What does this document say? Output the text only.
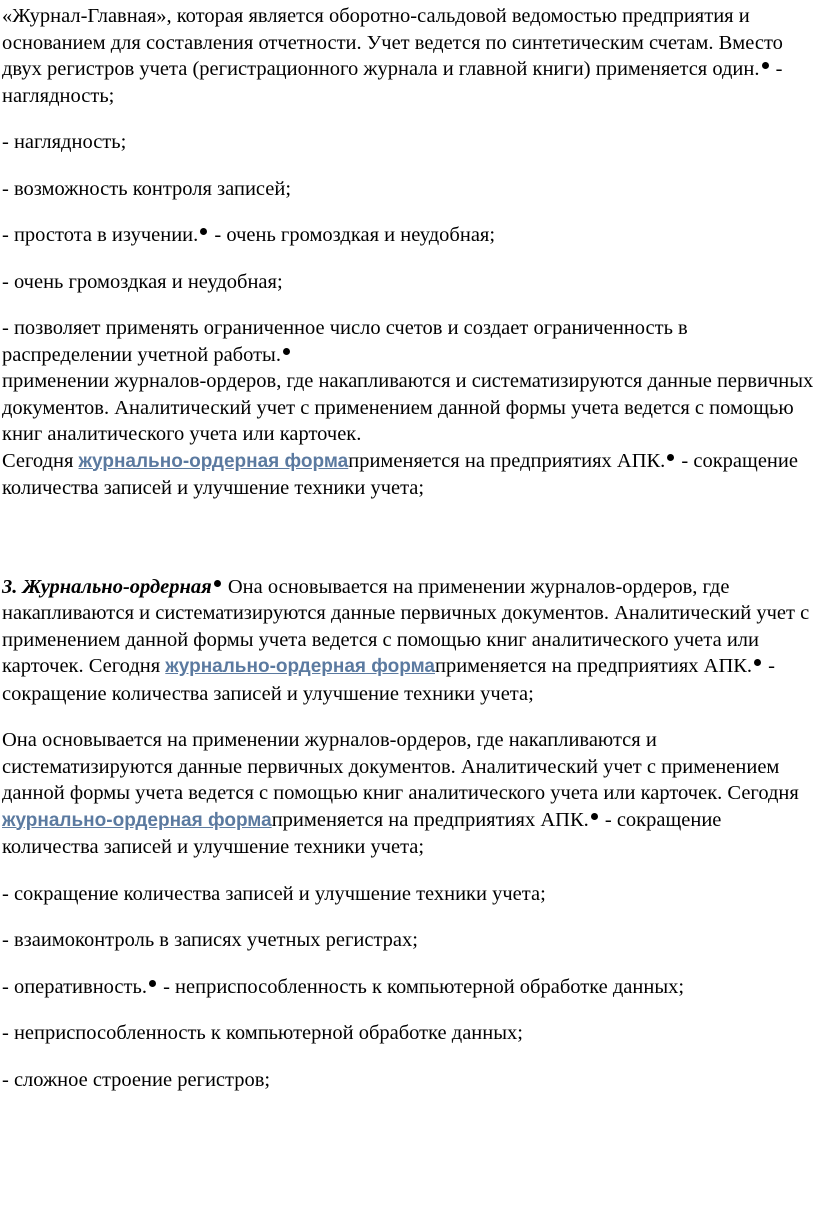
«Журнал-Главная», которая является оборотно-сальдовой ведомостью предприятия и основанием для составления отчетности. Учет ведется по синтетическим счетам. Вместо двух регистров учета (регистрационного журнала и главной книги) применяется один. - наглядность;

- наглядность;

- возможность контроля записей;

- простота в изучении. - очень громоздкая и неудобная;

- очень громоздкая и неудобная;

- позволяет применять ограниченное число счетов и создает ограниченность в распределении учетной работы.

применении журналов-ордеров, где накапливаются и систематизируются данные первичных документов. Аналитический учет с применением данной формы учета ведется с помощью книг аналитического учета или карточек.

Сегодня журнально-ордерная формаприменяется на предприятиях АПК. - сокращение количества записей и улучшение техники учета;

3. Журнально-ордерная Она основывается на применении журналов-ордеров, где накапливаются и систематизируются данные первичных документов. Аналитический учет с применением данной формы учета ведется с помощью книг аналитического учета или карточек. Сегодня журнально-ордерная формаприменяется на предприятиях АПК. - сокращение количества записей и улучшение техники учета;

Она основывается на применении журналов-ордеров, где накапливаются и систематизируются данные первичных документов. Аналитический учет с применением данной формы учета ведется с помощью книг аналитического учета или карточек. Сегодня журнально-ордерная формаприменяется на предприятиях АПК. - сокращение количества записей и улучшение техники учета;

- сокращение количества записей и улучшение техники учета;

- взаимоконтроль в записях учетных регистрах;

- оперативность. - неприспособленность к компьютерной обработке данных;

- неприспособленность к компьютерной обработке данных;

- сложное строение регистров;
